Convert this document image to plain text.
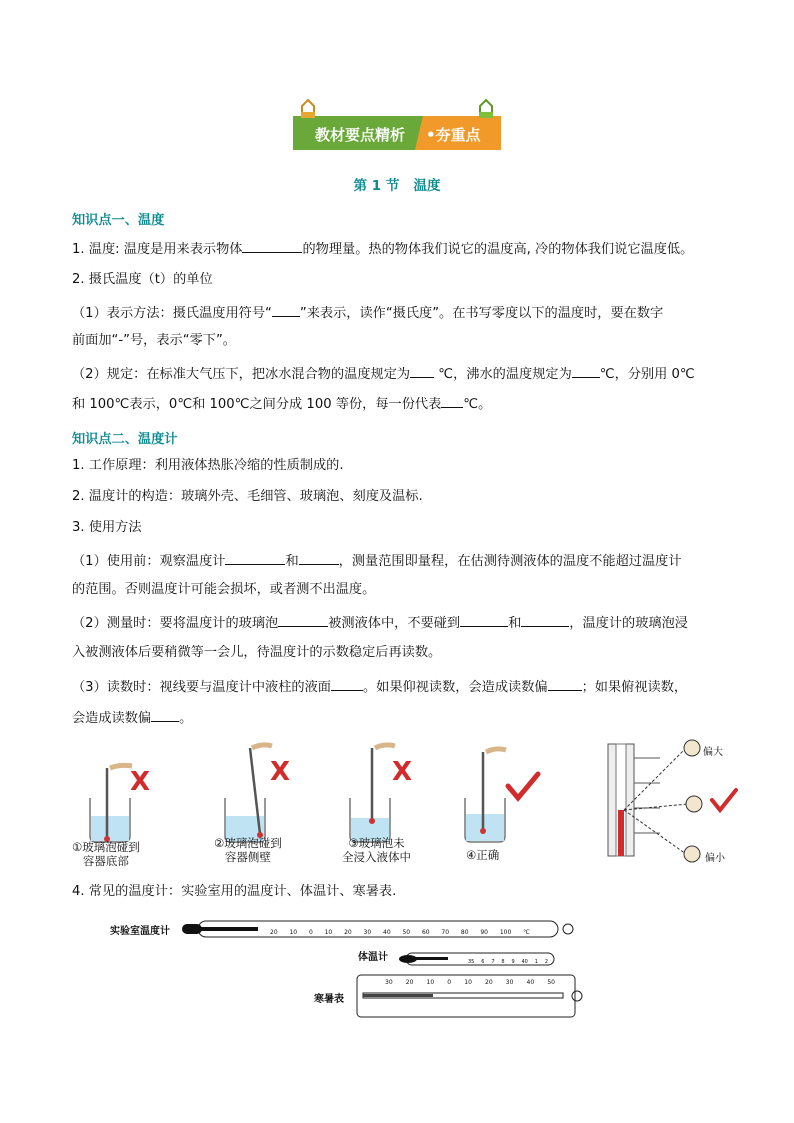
教材要点精析 •夯重点
第 1 节   温度
知识点一、温度
1. 温度: 温度是用来表示物体	的物理量。热的物体我们说它的温度高, 冷的物体我们说它温度低。
2. 摄氏温度（t）的单位
（1）表示方法：摄氏温度用符号“ ”来表示，读作“摄氏度”。在书写零度以下的温度时，要在数字
前面加“-”号，表示“零下”。
（2）规定：在标准大气压下，把冰水混合物的温度规定为 ℃，沸水的温度规定为 ℃，分别用 0℃
和 100℃表示，0℃和 100℃之间分成 100 等份，每一份代表 ℃。
知识点二、温度计
1. 工作原理：利用液体热胀冷缩的性质制成的.
2. 温度计的构造：玻璃外壳、毛细管、玻璃泡、刻度及温标.
3. 使用方法
（1）使用前：观察温度计	和	，测量范围即量程，在估测待测液体的温度不能超过温度计
的范围。否则温度计可能会损坏，或者测不出温度。
（2）测量时：要将温度计的玻璃泡	被测液体中，不要碰到	和	，温度计的玻璃泡浸
入被测液体后要稍微等一会儿，待温度计的示数稳定后再读数。
（3）读数时：视线要与温度计中液柱的液面 。如果仰视读数，会造成读数偏	；如果俯视读数，
会造成读数偏 。
X	X	X
偏大
偏小
①玻璃泡碰到
容器底部
②玻璃泡碰到
容器侧壁
③玻璃泡未
全浸入液体中	④正确
4. 常见的温度计：实验室用的温度计、体温计、寒暑表.
实验室温度计	20 10 0 10 20 30 40 50 60 70 80 90 100 ℃
体温计	35 6 7 8 9 40 1 2
寒暑表
30 20 10 0 10 20 30 40 50
